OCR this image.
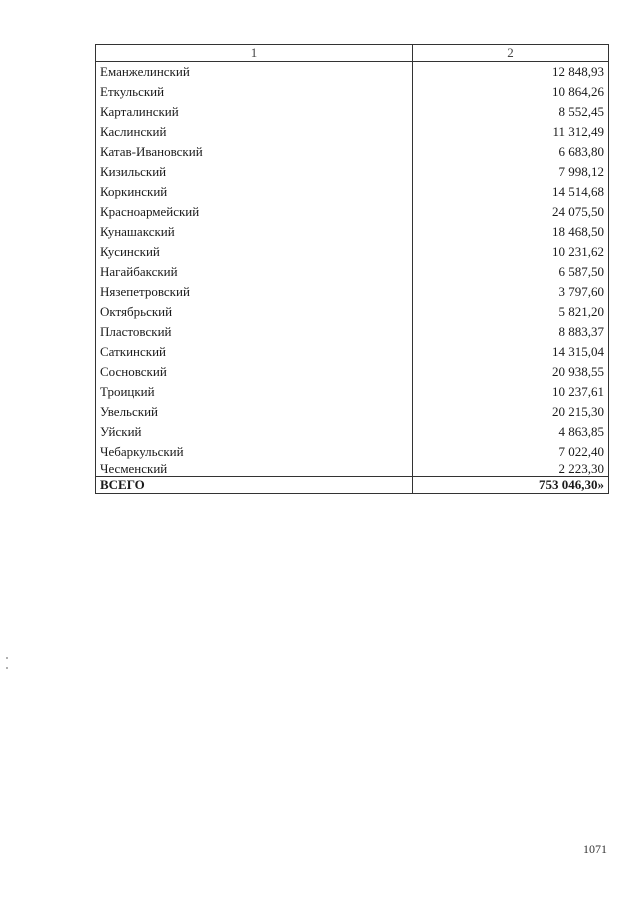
1	2
Еманжелинский	12 848,93
Еткульский	10 864,26
Карталинский	8 552,45
Каслинский	11 312,49
Катав-Ивановский	6 683,80
Кизильский	7 998,12
Коркинский	14 514,68
Красноармейский	24 075,50
Кунашакский	18 468,50
Кусинский	10 231,62
Нагайбакский	6 587,50
Нязепетровский	3 797,60
Октябрьский	5 821,20
Пластовский	8 883,37
Саткинский	14 315,04
Сосновский	20 938,55
Троицкий	10 237,61
Увельский	20 215,30
Уйский	4 863,85
Чебаркульский	7 022,40
Чесменский	2 223,30
ВСЕГО	753 046,30»
1071
